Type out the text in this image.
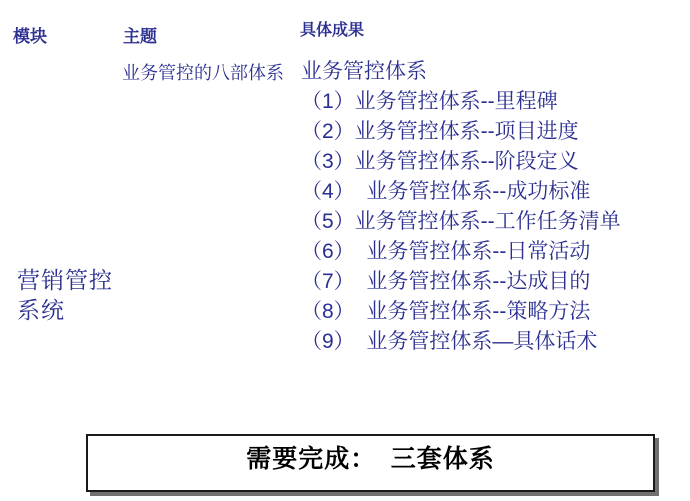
模块	主题	具体成果
业务管控的八部体系
营销管控系统
业务管控体系
（1）业务管控体系--里程碑
（2）业务管控体系--项目进度
（3）业务管控体系--阶段定义
（4）  业务管控体系--成功标准
（5）业务管控体系--工作任务清单
（6）  业务管控体系--日常活动
（7）  业务管控体系--达成目的
（8）  业务管控体系--策略方法
（9）  业务管控体系—具体话术
需要完成：  三套体系
